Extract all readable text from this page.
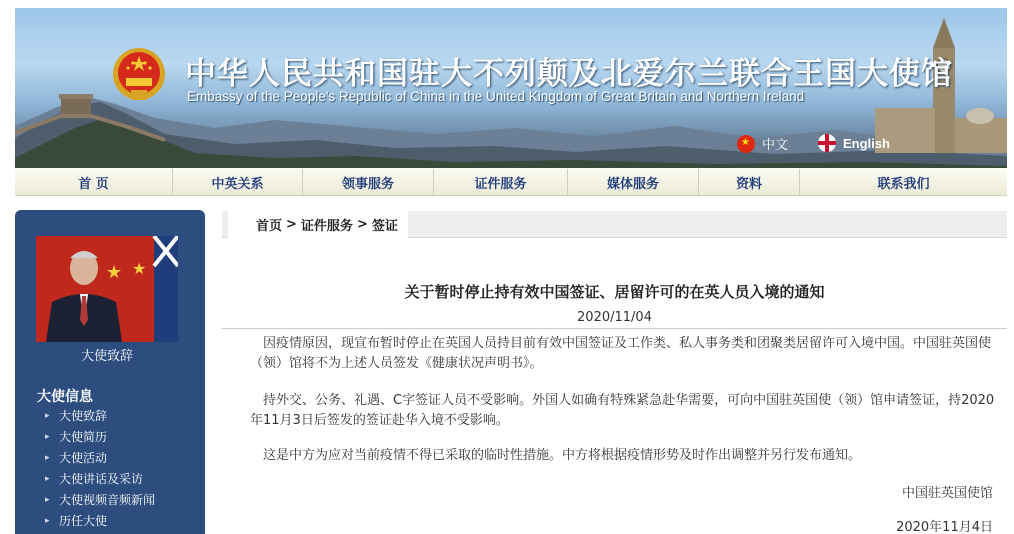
中华人民共和国驻大不列颠及北爱尔兰联合王国大使馆
Embassy of the People's Republic of China in the United Kingdom of Great Britain and Northern Ireland
★ 中文	English
首 页	中英关系	领事服务	证件服务	媒体服务	资料	联系我们
★ ★
大使致辞
大使信息
▸ 大使致辞
▸ 大使简历
▸ 大使活动
▸ 大使讲话及采访
▸ 大使视频音频新闻
▸ 历任大使
首页 > 证件服务 > 签证
关于暂时停止持有效中国签证、居留许可的在英人员入境的通知
2020/11/04

因疫情原因，现宣布暂时停止在英国人员持目前有效中国签证及工作类、私人事务类和团聚类居留许可入境中国。中国驻英国使（领）馆将不为上述人员签发《健康状况声明书》。

持外交、公务、礼遇、C字签证人员不受影响。外国人如确有特殊紧急赴华需要，可向中国驻英国使（领）馆申请签证，持2020年11月3日后签发的签证赴华入境不受影响。

这是中方为应对当前疫情不得已采取的临时性措施。中方将根据疫情形势及时作出调整并另行发布通知。

中国驻英国使馆
2020年11月4日
